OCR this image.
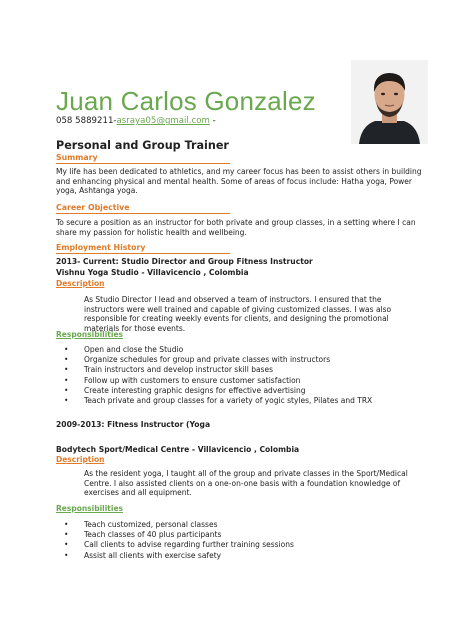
Juan Carlos Gonzalez
058 5889211-asraya05@gmail.com -
Personal and Group Trainer
Summary
My life has been dedicated to athletics, and my career focus has been to assist others in building and enhancing physical and mental health. Some of areas of focus include: Hatha yoga, Power yoga, Ashtanga yoga.
Career Objective
To secure a position as an instructor for both private and group classes, in a setting where I can share my passion for holistic health and wellbeing.
Employment History
2013- Current: Studio Director and Group Fitness Instructor
Vishnu Yoga Studio - Villavicencio , Colombia
Description
As Studio Director I lead and observed a team of instructors. I ensured that the instructors were well trained and capable of giving customized classes. I was also responsible for creating weekly events for clients, and designing the promotional materials for those events.
Responsibilities
• Open and close the Studio
• Organize schedules for group and private classes with instructors
• Train instructors and develop instructor skill bases
• Follow up with customers to ensure customer satisfaction
• Create interesting graphic designs for effective advertising
• Teach private and group classes for a variety of yogic styles, Pilates and TRX
2009-2013: Fitness Instructor (Yoga
Bodytech Sport/Medical Centre - Villavicencio , Colombia
Description
As the resident yoga, I taught all of the group and private classes in the Sport/Medical Centre. I also assisted clients on a one-on-one basis with a foundation knowledge of exercises and all equipment.
Responsibilities
• Teach customized, personal classes
• Teach classes of 40 plus participants
• Call clients to advise regarding further training sessions
• Assist all clients with exercise safety
